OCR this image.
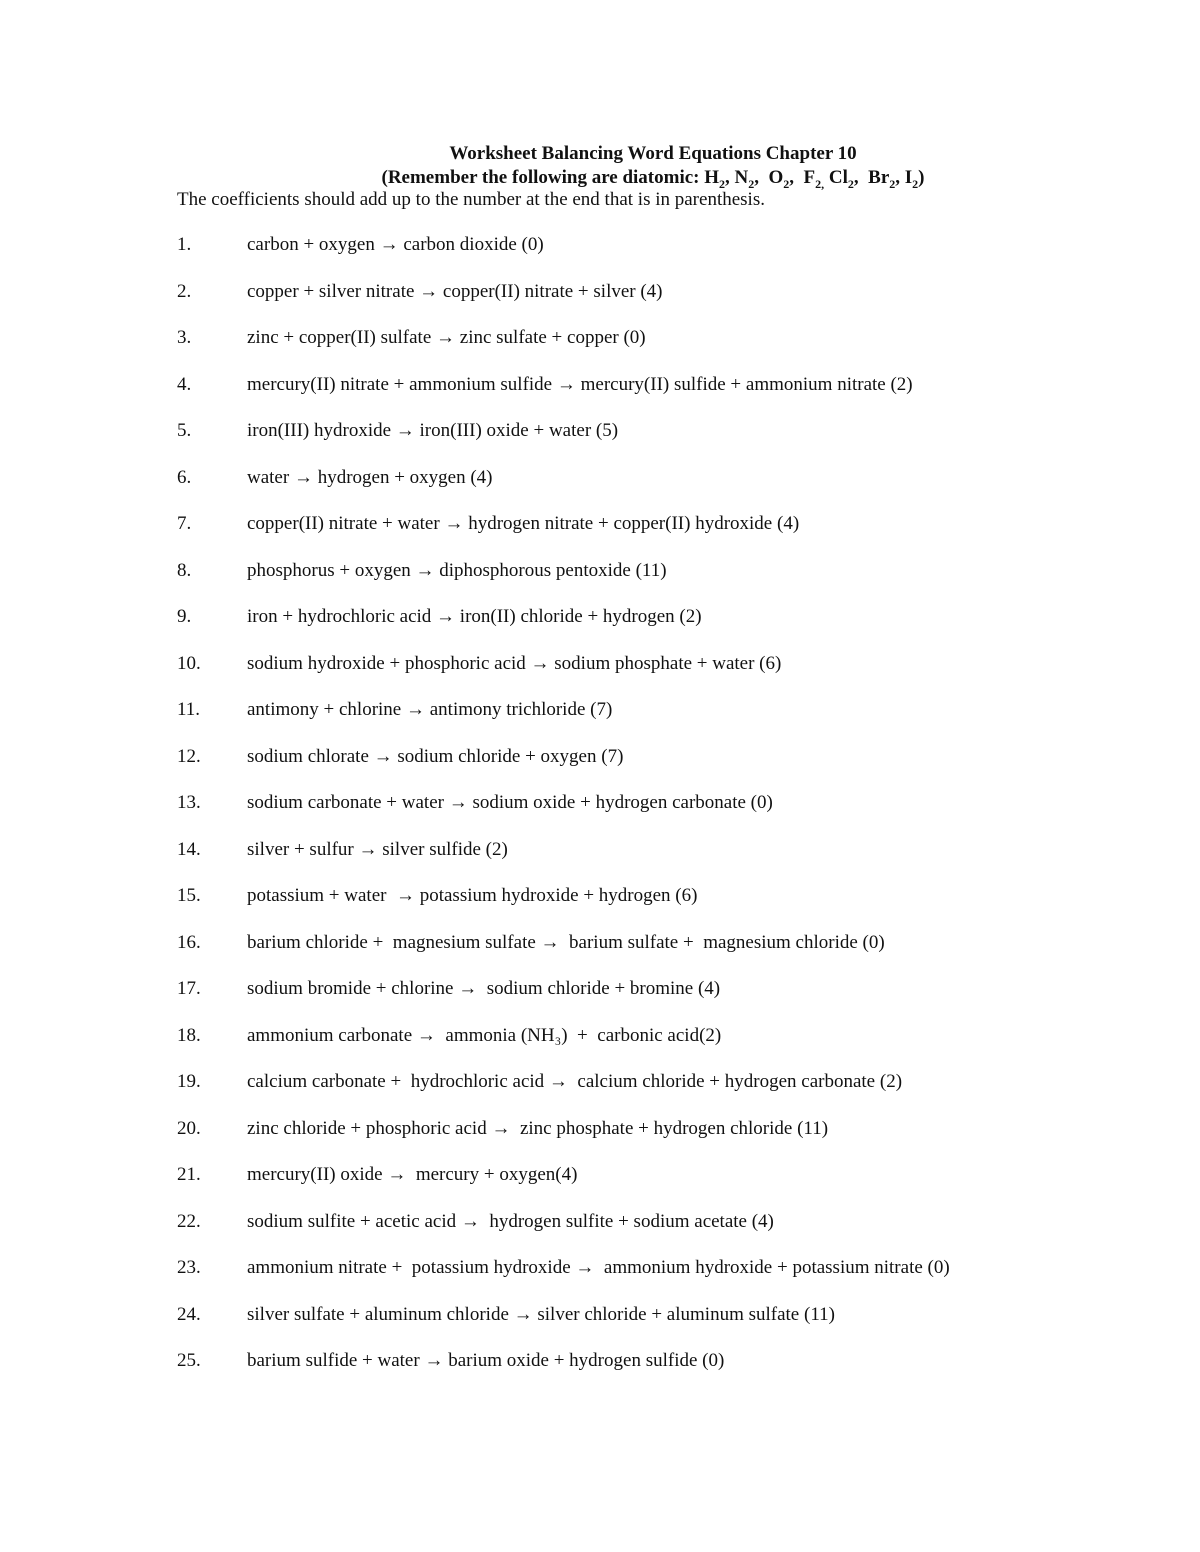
Worksheet Balancing Word Equations Chapter 10
(Remember the following are diatomic: $H_2$, $N_2$,  $O_2$,  $F_{2,}$ $Cl_2$,  $Br_2$, $I_2$)
The coefficients should add up to the number at the end that is in parenthesis.
1.	carbon + oxygen → carbon dioxide (0)
2.	copper + silver nitrate → copper(II) nitrate + silver (4)
3.	zinc + copper(II) sulfate → zinc sulfate + copper (0)
4.	mercury(II) nitrate + ammonium sulfide → mercury(II) sulfide + ammonium nitrate (2)
5.	iron(III) hydroxide → iron(III) oxide + water (5)
6.	water → hydrogen + oxygen (4)
7.	copper(II) nitrate + water → hydrogen nitrate + copper(II) hydroxide (4)
8.	phosphorus + oxygen → diphosphorous pentoxide (11)
9.	iron + hydrochloric acid → iron(II) chloride + hydrogen (2)
10. sodium hydroxide + phosphoric acid → sodium phosphate + water (6)
11. antimony + chlorine → antimony trichloride (7)
12. sodium chlorate → sodium chloride + oxygen (7)
13. sodium carbonate + water → sodium oxide + hydrogen carbonate (0)
14. silver + sulfur → silver sulfide (2)
15. potassium + water  → potassium hydroxide + hydrogen (6)
16. barium chloride +  magnesium sulfate →  barium sulfate +  magnesium chloride (0)
17. sodium bromide + chlorine →  sodium chloride + bromine (4)
18. ammonium carbonate →  ammonia (NH₃)  +  carbonic acid(2)
19. calcium carbonate +  hydrochloric acid →  calcium chloride + hydrogen carbonate (2)
20. zinc chloride + phosphoric acid →  zinc phosphate + hydrogen chloride (11)
21. mercury(II) oxide →  mercury + oxygen(4)
22. sodium sulfite + acetic acid →  hydrogen sulfite + sodium acetate (4)
23. ammonium nitrate +  potassium hydroxide →  ammonium hydroxide + potassium nitrate (0)
24. silver sulfate + aluminum chloride → silver chloride + aluminum sulfate (11)
25. barium sulfide + water → barium oxide + hydrogen sulfide (0)
